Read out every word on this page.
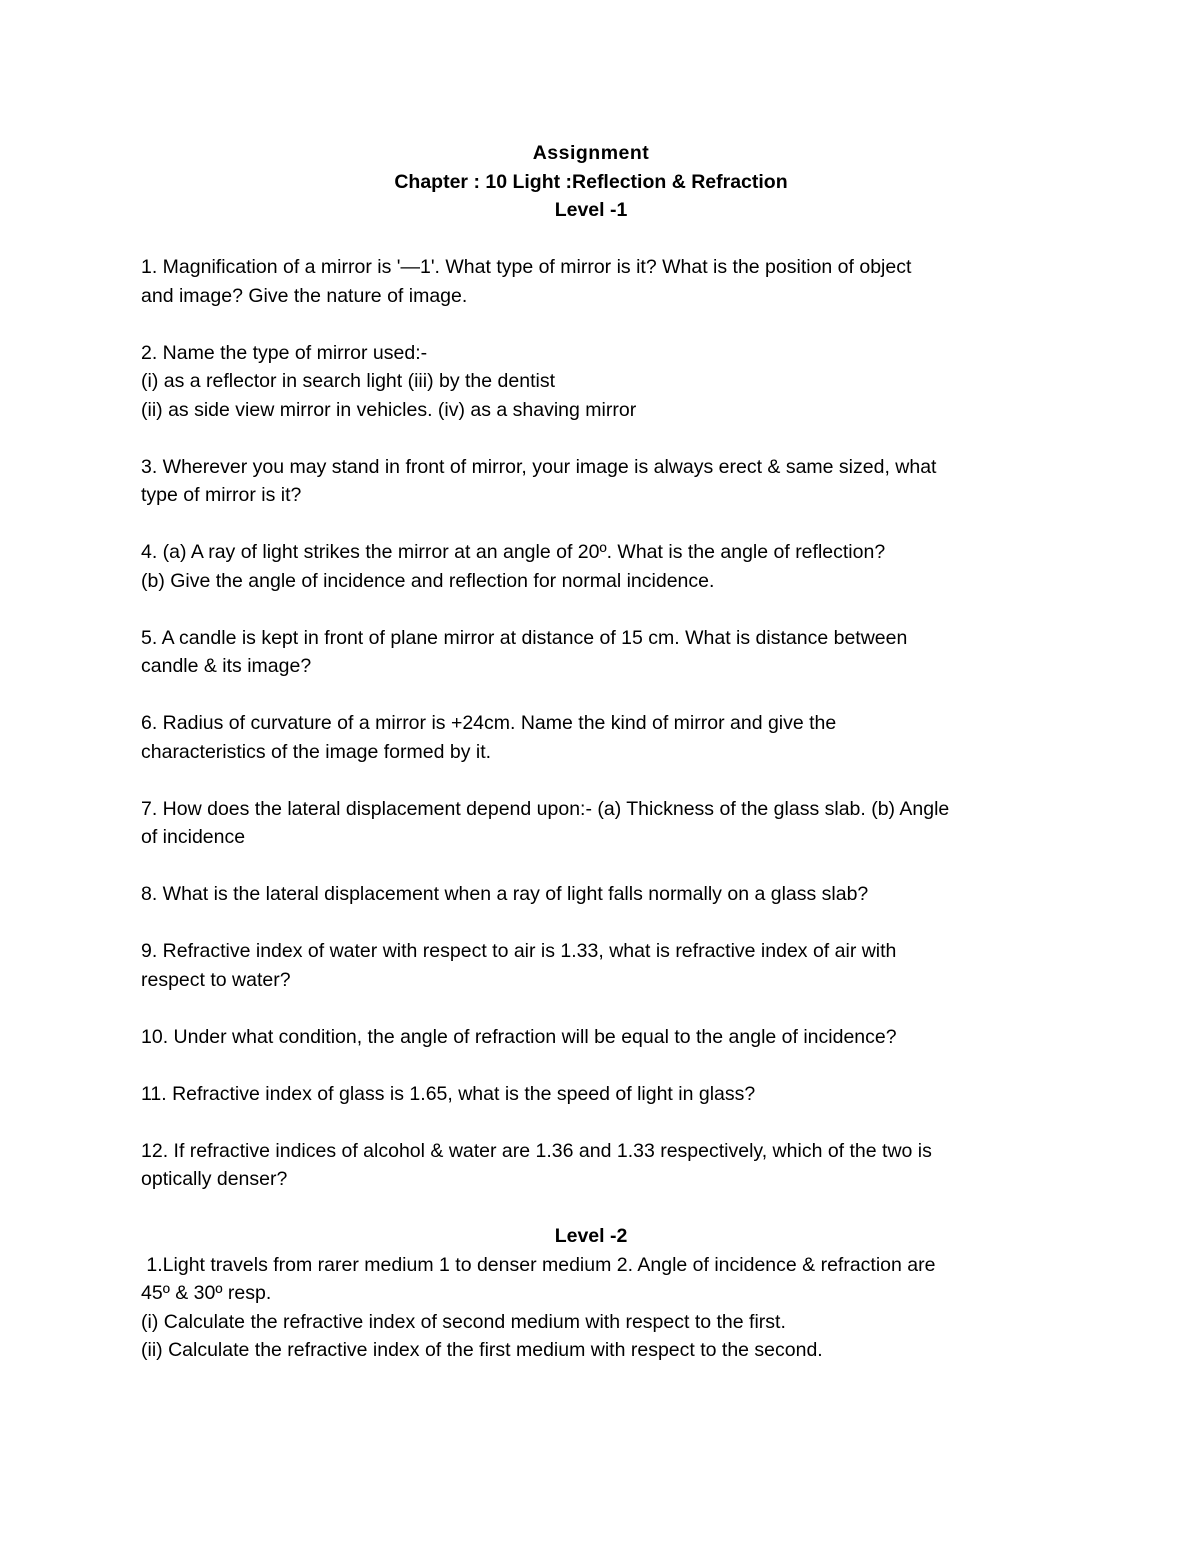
Assignment
Chapter : 10 Light :Reflection & Refraction
Level -1
1. Magnification of a mirror is '—1'. What type of mirror is it? What is the position of object
and image? Give the nature of image.
2. Name the type of mirror used:-
(i) as a reflector in search light (iii) by the dentist
(ii) as side view mirror in vehicles. (iv) as a shaving mirror
3. Wherever you may stand in front of mirror, your image is always erect & same sized, what
type of mirror is it?
4. (a) A ray of light strikes the mirror at an angle of 20º. What is the angle of reflection?
(b) Give the angle of incidence and reflection for normal incidence.
5. A candle is kept in front of plane mirror at distance of 15 cm. What is distance between
candle & its image?
6. Radius of curvature of a mirror is +24cm. Name the kind of mirror and give the
characteristics of the image formed by it.
7. How does the lateral displacement depend upon:- (a) Thickness of the glass slab. (b) Angle
of incidence
8. What is the lateral displacement when a ray of light falls normally on a glass slab?
9. Refractive index of water with respect to air is 1.33, what is refractive index of air with
respect to water?
10. Under what condition, the angle of refraction will be equal to the angle of incidence?
11. Refractive index of glass is 1.65, what is the speed of light in glass?
12. If refractive indices of alcohol & water are 1.36 and 1.33 respectively, which of the two is
optically denser?
Level -2
1.Light travels from rarer medium 1 to denser medium 2. Angle of incidence & refraction are
45º & 30º resp.
(i) Calculate the refractive index of second medium with respect to the first.
(ii) Calculate the refractive index of the first medium with respect to the second.
